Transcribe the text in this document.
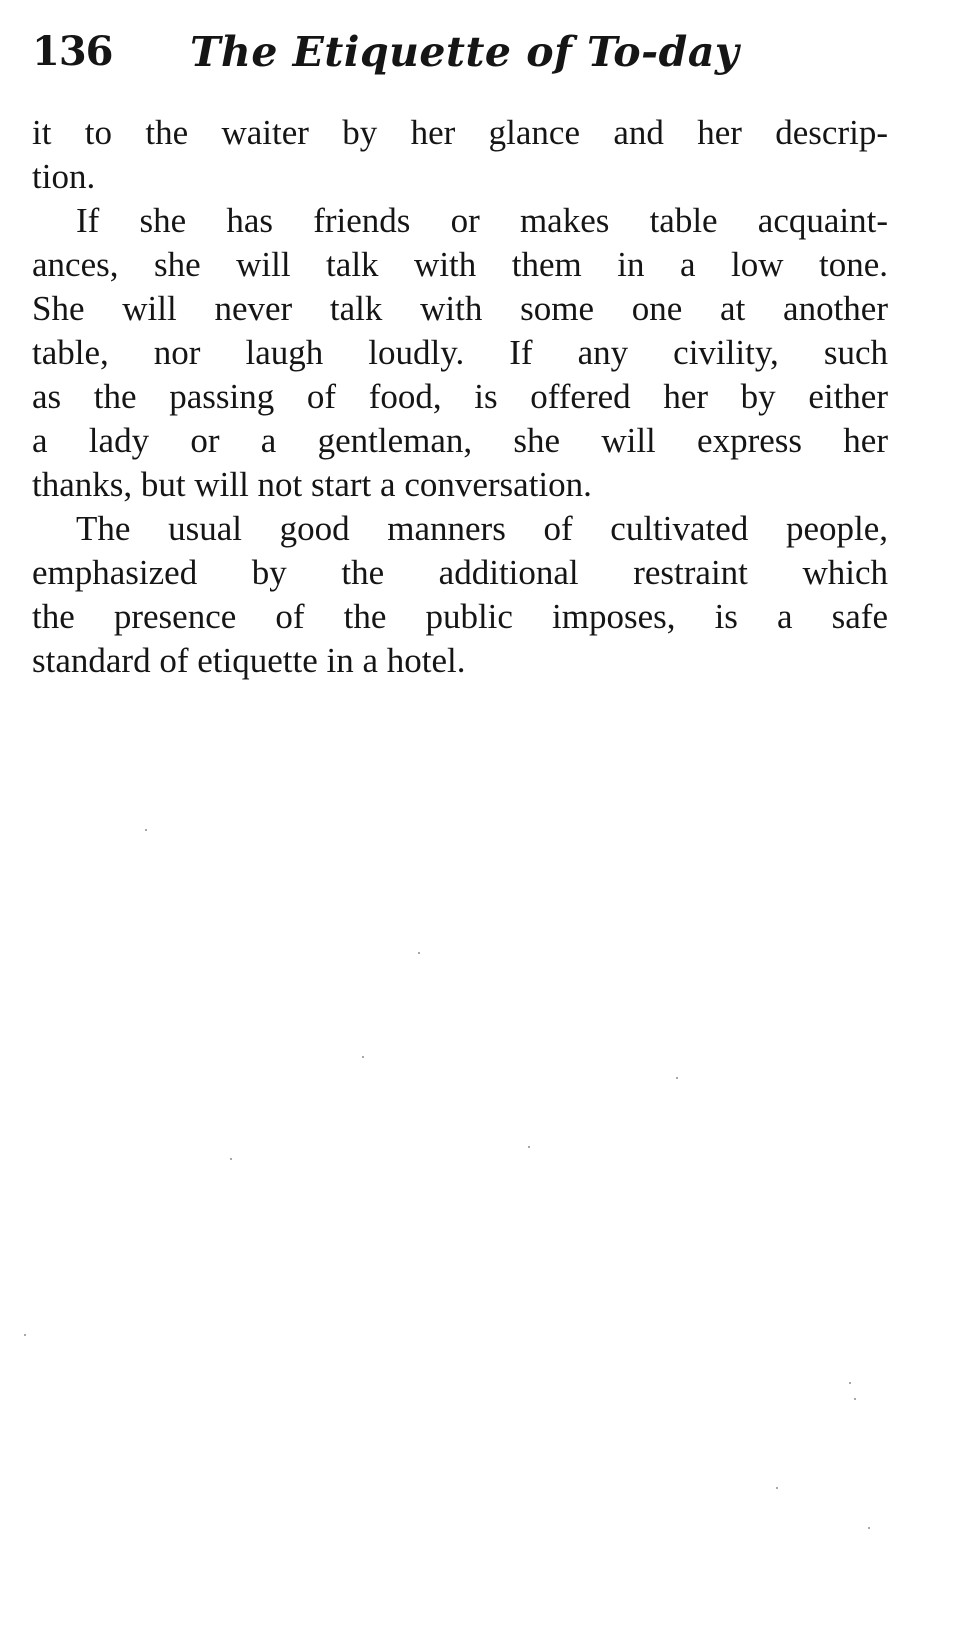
136 The Etiquette of To-day
it to the waiter by her glance and her descrip-
tion.
If she has friends or makes table acquaint-
ances, she will talk with them in a low tone.
She will never talk with some one at another
table, nor laugh loudly. If any civility, such
as the passing of food, is offered her by either
a lady or a gentleman, she will express her
thanks, but will not start a conversation.
The usual good manners of cultivated people,
emphasized by the additional restraint which
the presence of the public imposes, is a safe
standard of etiquette in a hotel.
